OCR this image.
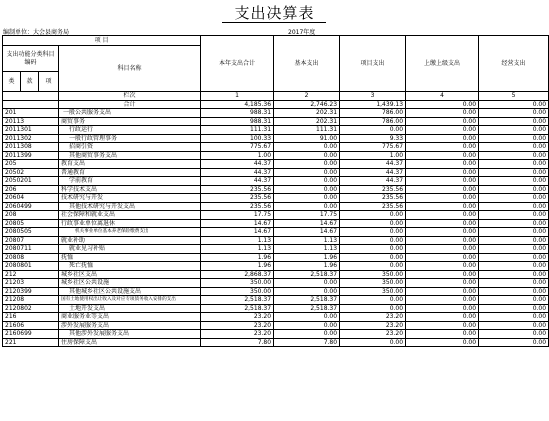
支出决算表
编制单位：大会县商务局	2017年度
项 目				本年支出合计	基本支出	项目支出	上缴上级支出	经营支出
支出功能分类科目编码			科目名称					
类	款	项						
			栏次	1	2	3	4	5
			合计	4,185.36	2,746.23	1,439.13	0.00	0.00
201			一般公共服务支出	988.31	202.31	786.00	0.00	0.00
20113			商贸事务	988.31	202.31	786.00	0.00	0.00
2011301			行政运行	111.31	111.31	0.00	0.00	0.00
2011302			一般行政管理事务	100.33	91.00	9.33	0.00	0.00
2011308			招商引资	775.67	0.00	775.67	0.00	0.00
2011399			其他商贸事务支出	1.00	0.00	1.00	0.00	0.00
205			教育支出	44.37	0.00	44.37	0.00	0.00
20502			普通教育	44.37	0.00	44.37	0.00	0.00
2050201			学前教育	44.37	0.00	44.37	0.00	0.00
206			科学技术支出	235.56	0.00	235.56	0.00	0.00
20604			技术研究与开发	235.56	0.00	235.56	0.00	0.00
2060499			其他技术研究与开发支出	235.56	0.00	235.56	0.00	0.00
208			社会保障和就业支出	17.75	17.75	0.00	0.00	0.00
20805			行政事业单位离退休	14.67	14.67	0.00	0.00	0.00
2080505			机关事业单位基本养老保险缴费支出	14.67	14.67	0.00	0.00	0.00
20807			就业补助	1.13	1.13	0.00	0.00	0.00
2080711			就业见习补贴	1.13	1.13	0.00	0.00	0.00
20808			抚恤	1.96	1.96	0.00	0.00	0.00
2080801			死亡抚恤	1.96	1.96	0.00	0.00	0.00
212			城乡社区支出	2,868.37	2,518.37	350.00	0.00	0.00
21203			城乡社区公共设施	350.00	0.00	350.00	0.00	0.00
2120399			其他城乡社区公共设施支出	350.00	0.00	350.00	0.00	0.00
21208			国有土地使用权出让收入及对应专项债务收入安排的支出	2,518.37	2,518.37	0.00	0.00	0.00
2120802			土地开发支出	2,518.37	2,518.37	0.00	0.00	0.00
216			商业服务业等支出	23.20	0.00	23.20	0.00	0.00
21606			涉外发展服务支出	23.20	0.00	23.20	0.00	0.00
2160699			其他涉外发展服务支出	23.20	0.00	23.20	0.00	0.00
221			住房保障支出	7.80	7.80	0.00	0.00	0.00
